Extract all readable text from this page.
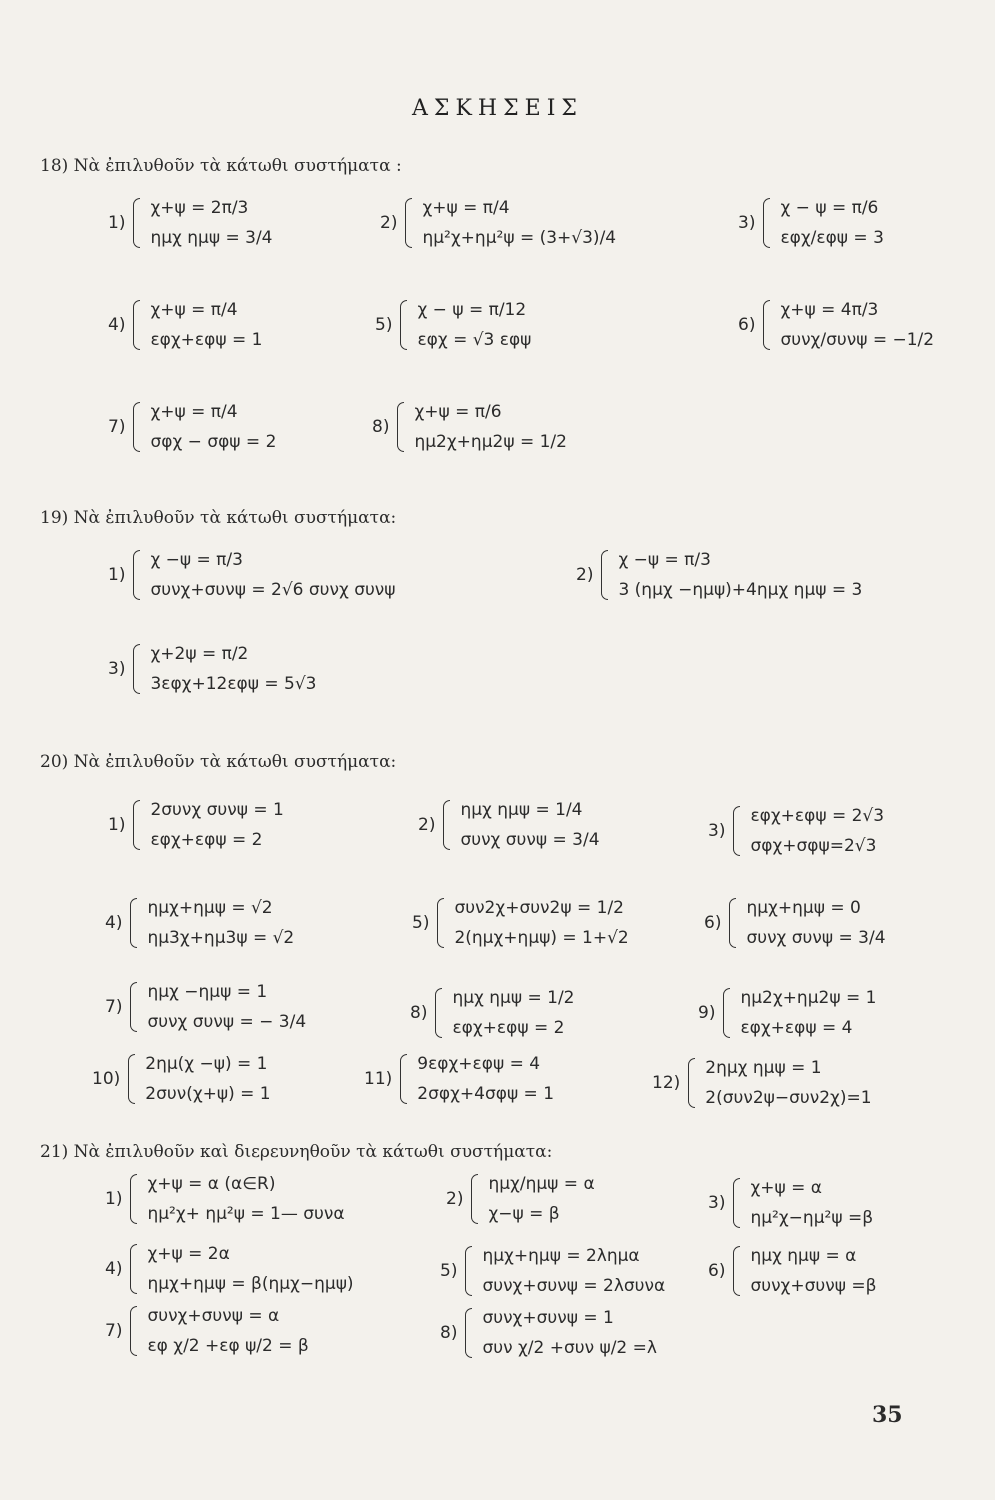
ΑΣΚΗΣΕΙΣ
18) Νὰ ἐπιλυθοῦν τὰ κάτωθι συστήματα :
1)
χ+ψ = 2π/3
ημχ ημψ = 3/4
2)
χ+ψ = π/4
ημ²χ+ημ²ψ = (3+√3)/4
3)
χ − ψ = π/6
εφχ/εφψ = 3
4)
χ+ψ = π/4
εφχ+εφψ = 1
5)
χ − ψ = π/12
εφχ = √3 εφψ
6)
χ+ψ = 4π/3
συνχ/συνψ = −1/2
7)
χ+ψ = π/4
σφχ − σφψ = 2
8)
χ+ψ = π/6
ημ2χ+ημ2ψ = 1/2
19) Νὰ ἐπιλυθοῦν τὰ κάτωθι συστήματα:
1)
χ −ψ = π/3
συνχ+συνψ = 2√6 συνχ συνψ
2)
χ −ψ = π/3
3 (ημχ −ημψ)+4ημχ ημψ = 3
3)
χ+2ψ = π/2
3εφχ+12εφψ = 5√3
20) Νὰ ἐπιλυθοῦν τὰ κάτωθι συστήματα:
1)
2συνχ συνψ = 1
εφχ+εφψ = 2
2)
ημχ ημψ = 1/4
συνχ συνψ = 3/4	3)
εφχ+εφψ = 2√3
σφχ+σφψ=2√3
4)
ημχ+ημψ = √2
ημ3χ+ημ3ψ = √2
5)
συν2χ+συν2ψ = 1/2
2(ημχ+ημψ) = 1+√2
6)
ημχ+ημψ = 0
συνχ συνψ = 3/4
7)
ημχ −ημψ = 1
συνχ συνψ = − 3/4	8)
ημχ ημψ = 1/2
εφχ+εφψ = 2
9)
ημ2χ+ημ2ψ = 1
εφχ+εφψ = 4
10)
2ημ(χ −ψ) = 1
2συν(χ+ψ) = 1
11)
9εφχ+εφψ = 4
2σφχ+4σφψ = 1
12)
2ημχ ημψ = 1
2(συν2ψ−συν2χ)=1
21) Νὰ ἐπιλυθοῦν καὶ διερευνηθοῦν τὰ κάτωθι συστήματα:
1)
χ+ψ = α (α∈R)
ημ²χ+ ημ²ψ = 1— συνα
2)
ημχ/ημψ = α
χ−ψ = β
3)
χ+ψ = α
ημ²χ−ημ²ψ =β
4)
χ+ψ = 2α
ημχ+ημψ = β(ημχ−ημψ)
5)
ημχ+ημψ = 2λημα
συνχ+συνψ = 2λσυνα
6)
ημχ ημψ = α
συνχ+συνψ =β
7)
συνχ+συνψ = α
εφ χ/2 +εφ ψ/2 = β
8)
συνχ+συνψ = 1
συν χ/2 +συν ψ/2 =λ
35
